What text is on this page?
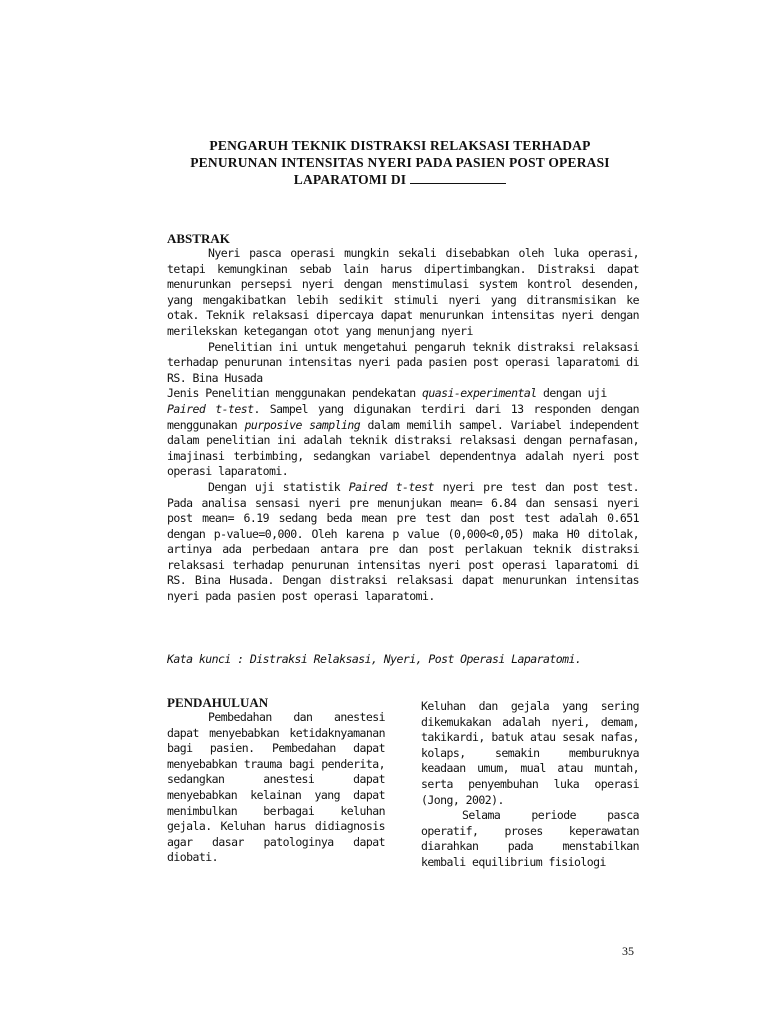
PENGARUH TEKNIK DISTRAKSI RELAKSASI TERHADAP
PENURUNAN INTENSITAS NYERI PADA PASIEN POST OPERASI
LAPARATOMI DI
ABSTRAK

Nyeri pasca operasi mungkin sekali disebabkan oleh luka operasi, tetapi kemungkinan sebab lain harus dipertimbangkan. Distraksi dapat menurunkan persepsi nyeri dengan menstimulasi system kontrol desenden, yang mengakibatkan lebih sedikit stimuli nyeri yang ditransmisikan ke otak. Teknik relaksasi dipercaya dapat menurunkan intensitas nyeri dengan merilekskan ketegangan otot yang menunjang nyeri

Penelitian ini untuk mengetahui pengaruh teknik distraksi relaksasi terhadap penurunan intensitas nyeri pada pasien post operasi laparatomi di RS. Bina Husada

Jenis Penelitian menggunakan pendekatan quasi-experimental dengan uji

Paired t-test. Sampel yang digunakan terdiri dari 13 responden dengan menggunakan purposive sampling dalam memilih sampel. Variabel independent dalam penelitian ini adalah teknik distraksi relaksasi dengan pernafasan, imajinasi terbimbing, sedangkan variabel dependentnya adalah nyeri post operasi laparatomi.

Dengan uji statistik Paired t-test nyeri pre test dan post test. Pada analisa sensasi nyeri pre menunjukan mean= 6.84 dan sensasi nyeri post mean= 6.19 sedang beda mean pre test dan post test adalah 0.651 dengan p-value=0,000. Oleh karena p value (0,000<0,05) maka H0 ditolak, artinya ada perbedaan antara pre dan post perlakuan teknik distraksi relaksasi terhadap penurunan intensitas nyeri post operasi laparatomi di RS. Bina Husada. Dengan distraksi relaksasi dapat menurunkan intensitas nyeri pada pasien post operasi laparatomi.

Kata kunci : Distraksi Relaksasi, Nyeri, Post Operasi Laparatomi.
PENDAHULUAN

Pembedahan dan anestesi dapat menyebabkan ketidaknyamanan bagi pasien. Pembedahan dapat menyebabkan trauma bagi penderita, sedangkan anestesi dapat menyebabkan kelainan yang dapat menimbulkan berbagai keluhan gejala. Keluhan harus didiagnosis agar dasar patologinya dapat diobati.

Keluhan dan gejala yang sering dikemukakan adalah nyeri, demam, takikardi, batuk atau sesak nafas, kolaps, semakin memburuknya keadaan umum, mual atau muntah, serta penyembuhan luka operasi (Jong, 2002).

Selama periode pasca operatif, proses keperawatan diarahkan pada menstabilkan kembali equilibrium fisiologi

35
